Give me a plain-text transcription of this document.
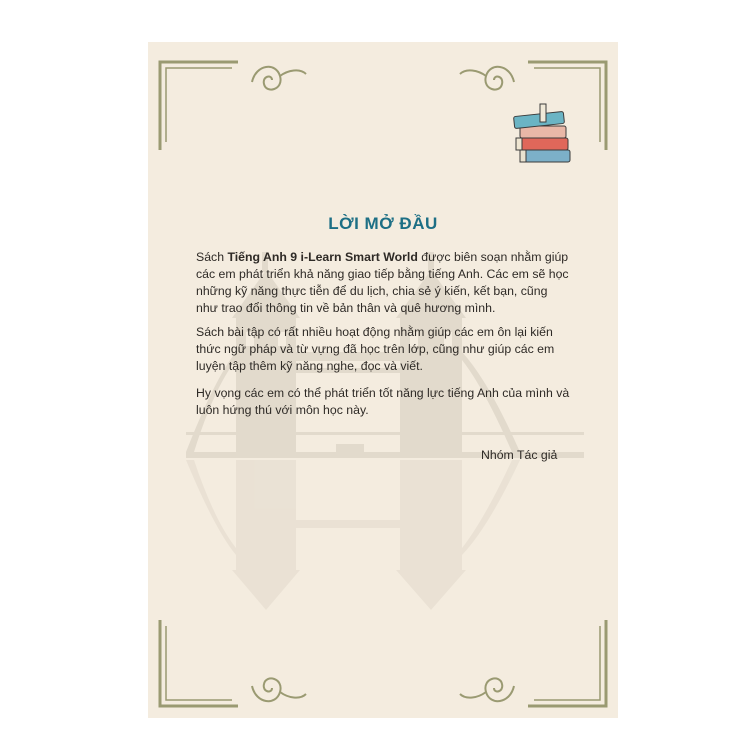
LỜI MỞ ĐẦU

Sách Tiếng Anh 9 i-Learn Smart World được biên soạn nhằm giúp các em phát triển khả năng giao tiếp bằng tiếng Anh. Các em sẽ học những kỹ năng thực tiễn để du lịch, chia sẻ ý kiến, kết bạn, cũng như trao đổi thông tin về bản thân và quê hương mình.

Sách bài tập có rất nhiều hoạt động nhằm giúp các em ôn lại kiến thức ngữ pháp và từ vựng đã học trên lớp, cũng như giúp các em luyện tập thêm kỹ năng nghe, đọc và viết.

Hy vọng các em có thể phát triển tốt năng lực tiếng Anh của mình và luôn hứng thú với môn học này.

Nhóm Tác giả
